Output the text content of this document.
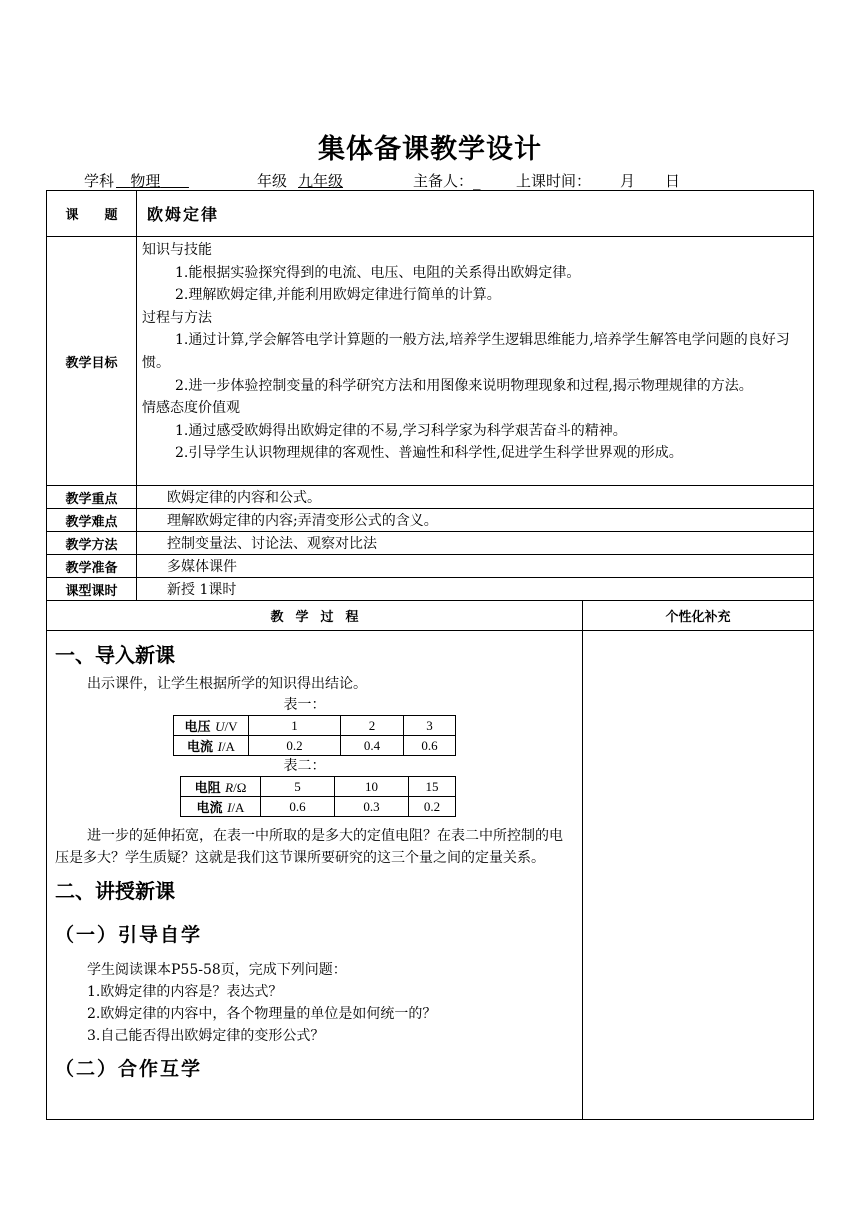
集体备课教学设计
学科	物理	年级 九年级	主备人：_ 上课时间： 月 日
课 题	欧姆定律
教学目标	

知识与技能

1.能根据实验探究得到的电流、电压、电阻的关系得出欧姆定律。

2.理解欧姆定律,并能利用欧姆定律进行简单的计算。

过程与方法

1.通过计算,学会解答电学计算题的一般方法,培养学生逻辑思维能力,培养学生解答电学问题的良好习惯。

2.进一步体验控制变量的科学研究方法和用图像来说明物理现象和过程,揭示物理规律的方法。

情感态度价值观

1.通过感受欧姆得出欧姆定律的不易,学习科学家为科学艰苦奋斗的精神。

2.引导学生认识物理规律的客观性、普遍性和科学性,促进学生科学世界观的形成。

教学重点	欧姆定律的内容和公式。
教学难点	理解欧姆定律的内容;弄清变形公式的含义。
教学方法	控制变量法、讨论法、观察对比法
教学准备	多媒体课件
课型课时	新授 1课时
教学过程	个性化补充

一、导入新课

出示课件，让学生根据所学的知识得出结论。

表一：

电压 U/V	1	2	3
电流 I/A	0.2	0.4	0.6

表二：

电阻 R/Ω	5	10	15
电流 I/A	0.6	0.3	0.2

进一步的延伸拓宽，在表一中所取的是多大的定值电阻？在表二中所控制的电压是多大？学生质疑？这就是我们这节课所要研究的这三个量之间的定量关系。

二、讲授新课

（一）引导自学

学生阅读课本P55-58页，完成下列问题：

1.欧姆定律的内容是？表达式？

2.欧姆定律的内容中，各个物理量的单位是如何统一的？

3.自己能否得出欧姆定律的变形公式？

（二）合作互学
